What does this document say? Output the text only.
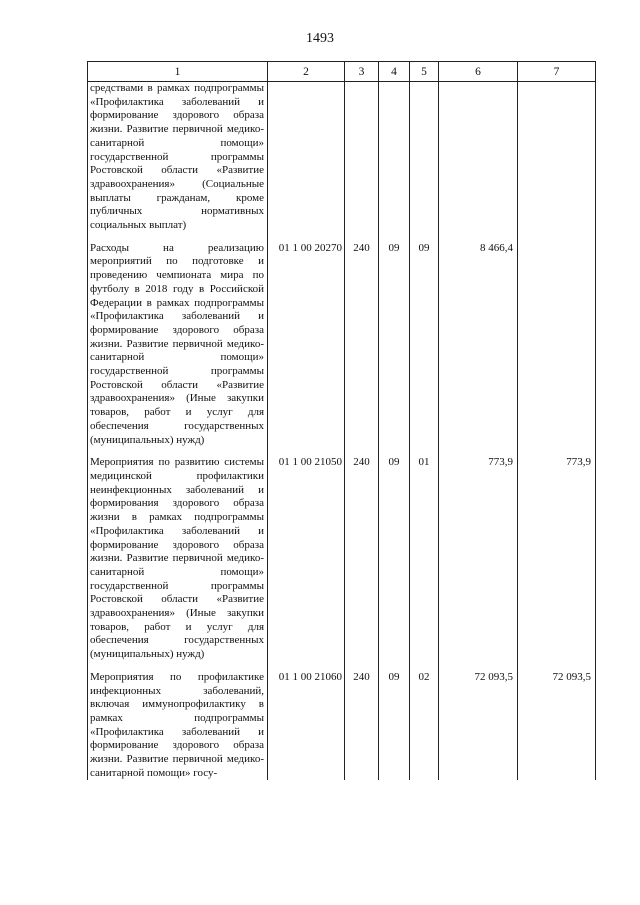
1493
1	2	3	4	5	6	7
средствами в рамках подпрограммы «Профилактика заболеваний и формирование здорового образа жизни. Развитие первичной медико-санитарной помощи» государственной программы Ростовской области «Развитие здравоохранения» (Социальные выплаты гражданам, кроме публичных нормативных социальных выплат)						

Расходы на реализацию мероприятий по подготовке и проведению чемпионата мира по футболу в 2018 году в Российской Федерации в рамках подпрограммы «Профилактика заболеваний и формирование здорового образа жизни. Развитие первичной медико-санитарной помощи» государственной программы Ростовской области «Развитие здравоохранения» (Иные закупки товаров, работ и услуг для обеспечения государственных (муниципальных) нужд)	01 1 00 20270	240	09	09	8 466,4	

Мероприятия по развитию системы медицинской профилактики неинфекционных заболеваний и формирования здорового образа жизни в рамках подпрограммы «Профилактика заболеваний и формирование здорового образа жизни. Развитие первичной медико-санитарной помощи» государственной программы Ростовской области «Развитие здравоохранения» (Иные закупки товаров, работ и услуг для обеспечения государственных (муниципальных) нужд)	01 1 00 21050	240	09	01	773,9	773,9

Мероприятия по профилактике инфекционных заболеваний, включая иммунопрофилактику в рамках подпрограммы «Профилактика заболеваний и формирование здорового образа жизни. Развитие первичной медико-санитарной помощи» госу-	01 1 00 21060	240	09	02	72 093,5	72 093,5
